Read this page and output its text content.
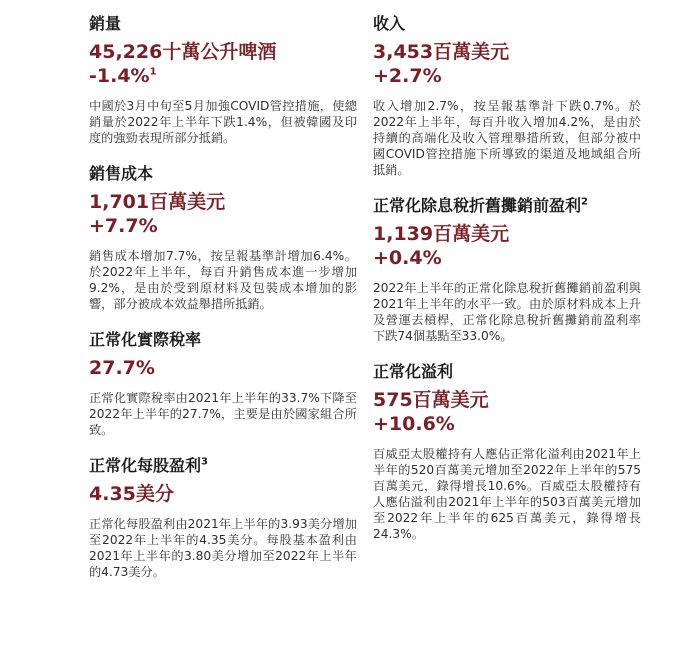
銷量
45,226十萬公升啤酒
-1.4%$^1$
中國於3月中旬至5月加強COVID管控措施，使總銷量於2022年上半年下跌1.4%，但被韓國及印度的強勁表現所部分抵銷。
銷售成本
1,701百萬美元
+7.7%
銷售成本增加7.7%，按呈報基準計增加6.4%。於2022年上半年，每百升銷售成本進一步增加9.2%，是由於受到原材料及包裝成本增加的影響，部分被成本效益舉措所抵銷。
正常化實際稅率
27.7%
正常化實際稅率由2021年上半年的33.7%下降至2022年上半年的27.7%，主要是由於國家組合所致。
正常化每股盈利$^3$
4.35美分
正常化每股盈利由2021年上半年的3.93美分增加至2022年上半年的4.35美分。每股基本盈利由2021年上半年的3.80美分增加至2022年上半年的4.73美分。
收入
3,453百萬美元
+2.7%
收入增加2.7%，按呈報基準計下跌0.7%。於2022年上半年，每百升收入增加4.2%，是由於持續的高端化及收入管理舉措所致，但部分被中國COVID管控措施下所導致的渠道及地域組合所抵銷。
正常化除息稅折舊攤銷前盈利$^2$
1,139百萬美元
+0.4%
2022年上半年的正常化除息稅折舊攤銷前盈利與2021年上半年的水平一致。由於原材料成本上升及營運去槓桿，正常化除息稅折舊攤銷前盈利率下跌74個基點至33.0%。
正常化溢利
575百萬美元
+10.6%
百威亞太股權持有人應佔正常化溢利由2021年上半年的520百萬美元增加至2022年上半年的575百萬美元，錄得增長10.6%。百威亞太股權持有人應佔溢利由2021年上半年的503百萬美元增加至2022年上半年的625百萬美元，錄得增長24.3%。
